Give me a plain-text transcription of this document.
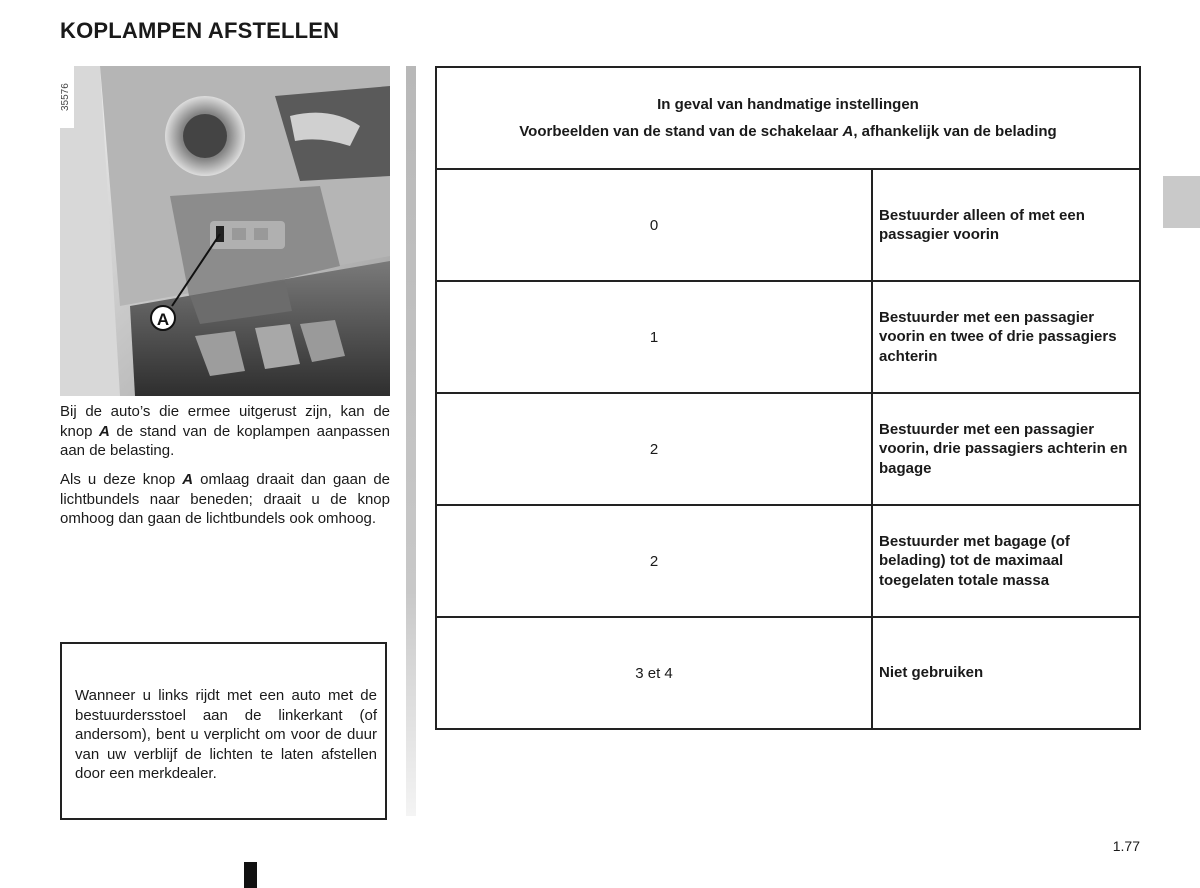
KOPLAMPEN AFSTELLEN
A
35576

Bij de auto’s die ermee uitgerust zijn, kan de knop A de stand van de koplampen aanpassen aan de belasting.

Als u deze knop A omlaag draait dan gaan de lichtbundels naar beneden; draait u de knop omhoog dan gaan de lichtbundels ook omhoog.

Wanneer u links rijdt met een auto met de bestuurdersstoel aan de linkerkant (of andersom), bent u verplicht om voor de duur van uw verblijf de lichten te laten afstellen door een merkdealer.
In geval van handmatige instellingen
Voorbeelden van de stand van de schakelaar A, afhankelijk van de belading	

0	Bestuurder alleen of met een passagier voorin
1	Bestuurder met een passagier voorin en twee of drie passagiers achterin
2	Bestuurder met een passagier voorin, drie passagiers achterin en bagage
2	Bestuurder met bagage (of belading) tot de maximaal toegelaten totale massa
3 et 4	Niet gebruiken
1.77
